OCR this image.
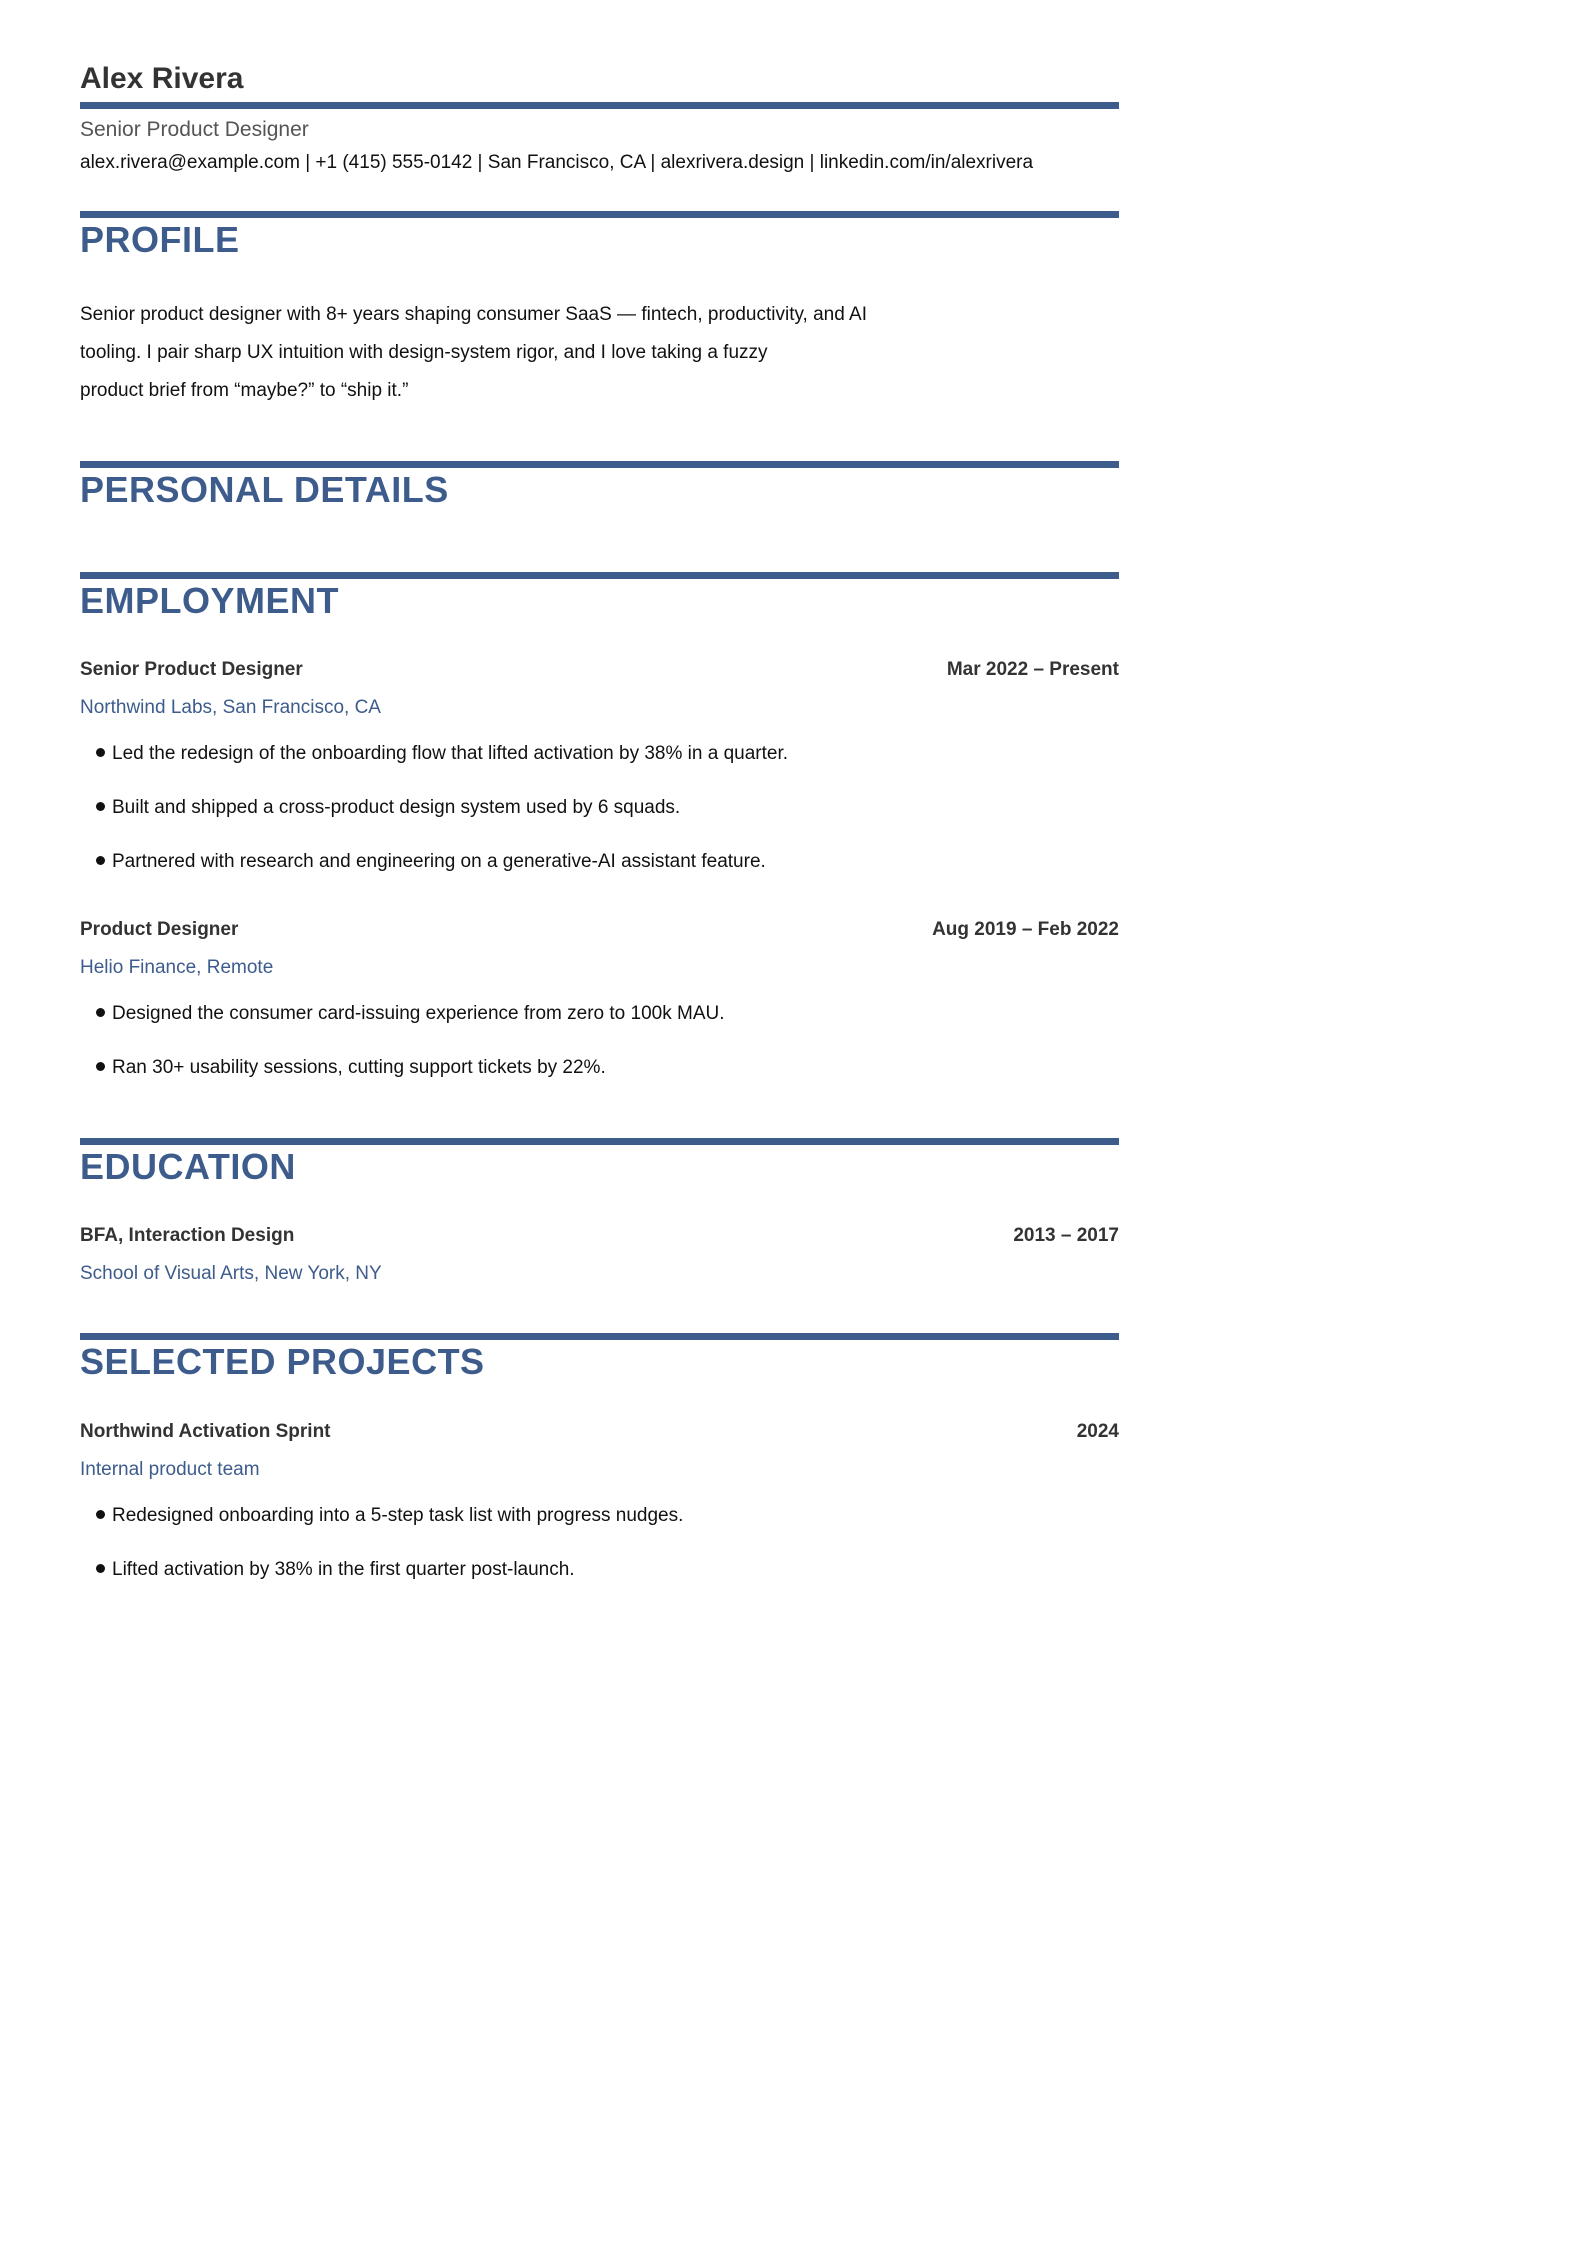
Alex Rivera
Senior Product Designer
alex.rivera@example.com | +1 (415) 555-0142 | San Francisco, CA | alexrivera.design | linkedin.com/in/alexrivera
PROFILE
Senior product designer with 8+ years shaping consumer SaaS — fintech, productivity, and AI
tooling. I pair sharp UX intuition with design-system rigor, and I love taking a fuzzy
product brief from “maybe?” to “ship it.”
PERSONAL DETAILS
EMPLOYMENT
Senior Product Designer	Mar 2022 – Present
Northwind Labs, San Francisco, CA
Led the redesign of the onboarding flow that lifted activation by 38% in a quarter.
Built and shipped a cross-product design system used by 6 squads.
Partnered with research and engineering on a generative-AI assistant feature.
Product Designer	Aug 2019 – Feb 2022
Helio Finance, Remote
Designed the consumer card-issuing experience from zero to 100k MAU.
Ran 30+ usability sessions, cutting support tickets by 22%.
EDUCATION
BFA, Interaction Design	2013 – 2017
School of Visual Arts, New York, NY
SELECTED PROJECTS
Northwind Activation Sprint	2024
Internal product team
Redesigned onboarding into a 5-step task list with progress nudges.
Lifted activation by 38% in the first quarter post-launch.
